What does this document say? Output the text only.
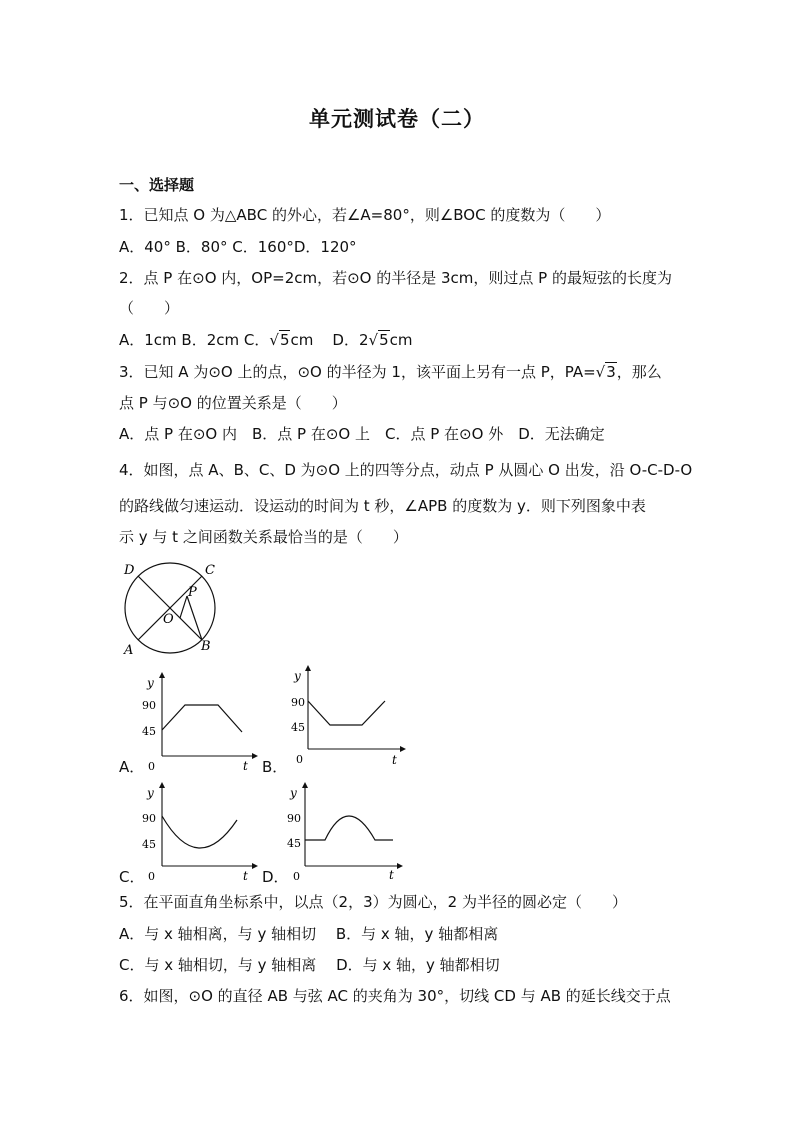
单元测试卷（二）
一、选择题
1．已知点 O 为△ABC 的外心，若∠A=80°，则∠BOC 的度数为（　　）
A．40° B．80° C．160°D．120°
2．点 P 在⊙O 内，OP=2cm，若⊙O 的半径是 3cm，则过点 P 的最短弦的长度为
（　　）
A．1cm B．2cm C．√5cm D．2√5cm
3．已知 A 为⊙O 上的点，⊙O 的半径为 1，该平面上另有一点 P，PA=√3，那么
点 P 与⊙O 的位置关系是（　　）
A．点 P 在⊙O 内　B．点 P 在⊙O 上　C．点 P 在⊙O 外　D．无法确定
4．如图，点 A、B、C、D 为⊙O 上的四等分点，动点 P 从圆心 O 出发，沿 O-C-D-O
的路线做匀速运动．设运动的时间为 t 秒，∠APB 的度数为 y．则下列图象中表
示 y 与 t 之间函数关系最恰当的是（　　）
D	C
P
O
A	B
y
90
45
0	t
A．
y
90
45
0	t
B．
y
90
45
0	t
C．
y
90
45
0	t
D．
5．在平面直角坐标系中，以点（2，3）为圆心，2 为半径的圆必定（　　）
A．与 x 轴相离，与 y 轴相切　 B．与 x 轴，y 轴都相离
C．与 x 轴相切，与 y 轴相离　 D．与 x 轴，y 轴都相切
6．如图，⊙O 的直径 AB 与弦 AC 的夹角为 30°，切线 CD 与 AB 的延长线交于点
